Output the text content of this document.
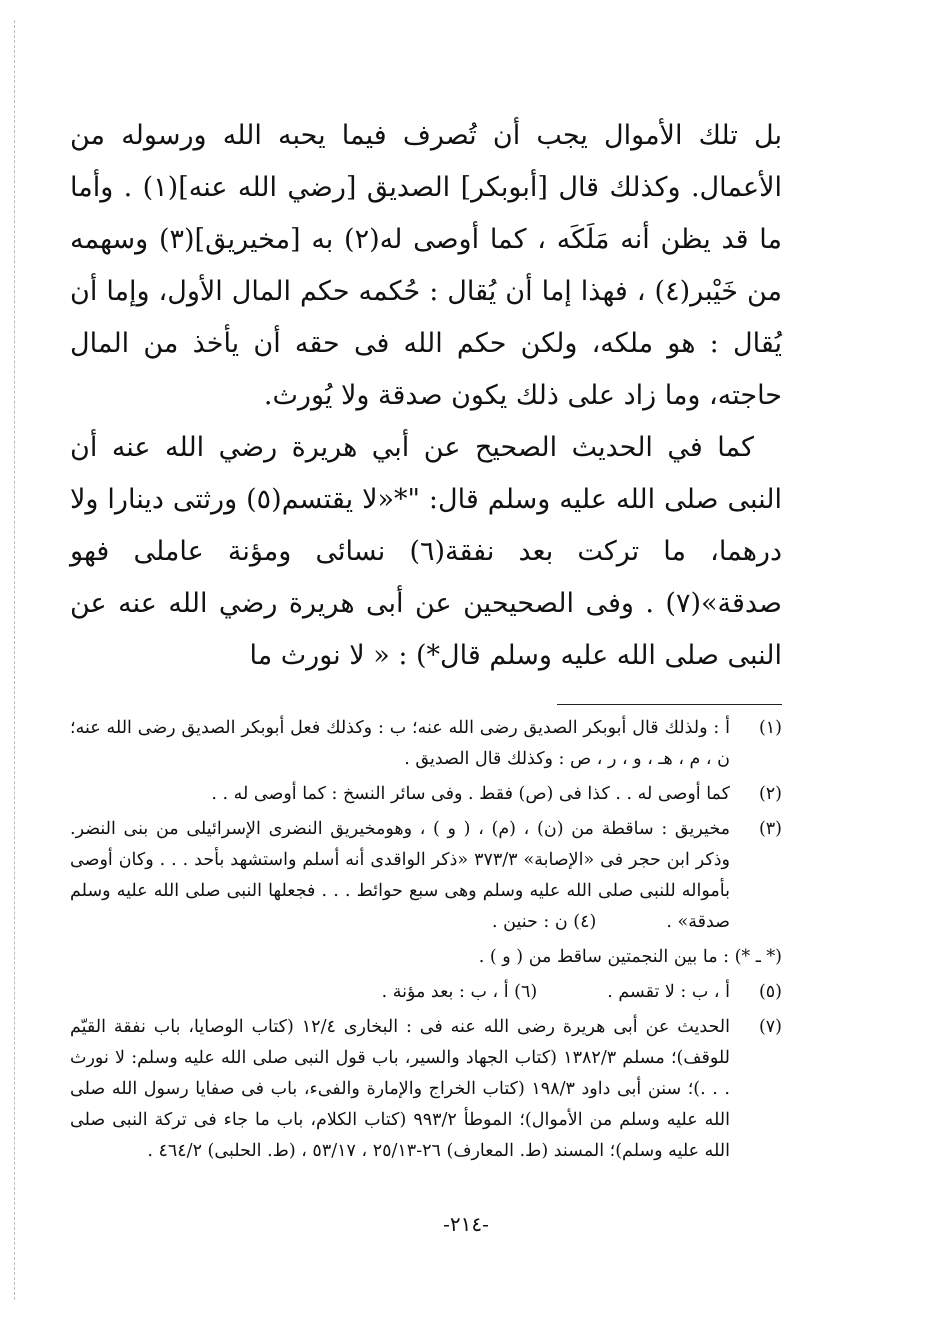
بل تلك الأموال يجب أن تُصرف فيما يحبه الله ورسوله من الأعمال. وكذلك قال [أبوبكر] الصديق [رضي الله عنه](١) . وأما ما قد يظن أنه مَلَكَه ، كما أوصى له(٢) به [مخيريق](٣) وسهمه من خَيْبر(٤) ، فهذا إما أن يُقال : حُكمه حكم المال الأول، وإما أن يُقال : هو ملكه، ولكن حكم الله فى حقه أن يأخذ من المال حاجته، وما زاد على ذلك يكون صدقة ولا يُورث.

كما في الحديث الصحيح عن أبي هريرة رضي الله عنه أن النبى صلى الله عليه وسلم قال: "*«لا يقتسم(٥) ورثتى دينارا ولا درهما، ما تركت بعد نفقة(٦) نسائى ومؤنة عاملى فهو صدقة»(٧) . وفى الصحيحين عن أبى هريرة رضي الله عنه عن النبى صلى الله عليه وسلم قال*) : « لا نورث ما

(١)
أ : ولذلك قال أبوبكر الصديق رضى الله عنه؛ ب : وكذلك فعل أبوبكر الصديق رضى الله عنه؛ ن ، م ، هـ ، و ، ر ، ص : وكذلك قال الصديق .
(٢)
كما أوصى له . . كذا فى (ص) فقط . وفى سائر النسخ : كما أوصى له . .
(٣)
مخيريق : ساقطة من (ن) ، (م) ، ( و ) ، وهومخيريق النضرى الإسرائيلى من بنى النضر. وذكر ابن حجر فى «الإصابة» ٣٧٣/٣ «ذكر الواقدى أنه أسلم واستشهد بأحد . . . وكان أوصى بأمواله للنبى صلى الله عليه وسلم وهى سبع حوائط . . . فجعلها النبى صلى الله عليه وسلم صدقة» .(٤) ن : حنين .
(* ـ *) : ما بين النجمتين ساقط من ( و ) .
(٥)
أ ، ب : لا تقسم .(٦) أ ، ب : بعد مؤنة .
(٧)
الحديث عن أبى هريرة رضى الله عنه فى : البخارى ١٢/٤ (كتاب الوصايا، باب نفقة القيّم للوقف)؛ مسلم ١٣٨٢/٣ (كتاب الجهاد والسير، باب قول النبى صلى الله عليه وسلم: لا نورث . . .)؛ سنن أبى داود ١٩٨/٣ (كتاب الخراج والإمارة والفىء، باب فى صفايا رسول الله صلى الله عليه وسلم من الأموال)؛ الموطأ ٩٩٣/٢ (كتاب الكلام، باب ما جاء فى تركة النبى صلى الله عليه وسلم)؛ المسند (ط. المعارف) ٢٦-٢٥/١٣ ، ٥٣/١٧ ، (ط. الحلبى) ٤٦٤/٢ .
-٢١٤-
